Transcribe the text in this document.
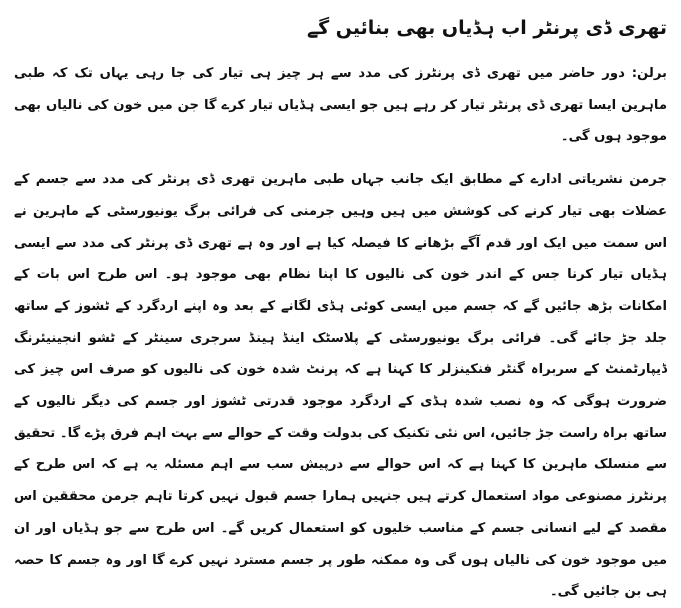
تھری ڈی پرنٹر اب ہڈیاں بھی بنائیں گے

برلن: دور حاضر میں تھری ڈی پرنٹرز کی مدد سے ہر چیز ہی تیار کی جا رہی یہاں تک کہ طبی ماہرین ایسا تھری ڈی پرنٹر تیار کر رہے ہیں جو ایسی ہڈیاں تیار کرے گا جن میں خون کی نالیاں بھی موجود ہوں گی۔

جرمن نشریاتی ادارے کے مطابق ایک جانب جہاں طبی ماہرین تھری ڈی پرنٹر کی مدد سے جسم کے عضلات بھی تیار کرنے کی کوشش میں ہیں وہیں جرمنی کی فرائی برگ یونیورسٹی کے ماہرین نے اس سمت میں ایک اور قدم آگے بڑھانے کا فیصلہ کیا ہے اور وہ ہے تھری ڈی پرنٹر کی مدد سے ایسی ہڈیاں تیار کرنا جس کے اندر خون کی نالیوں کا اپنا نظام بھی موجود ہو۔ اس طرح اس بات کے امکانات بڑھ جائیں گے کہ جسم میں ایسی کوئی ہڈی لگانے کے بعد وہ اپنے اردگرد کے ٹشوز کے ساتھ جلد جڑ جائے گی۔ فرائی برگ یونیورسٹی کے پلاسٹک اینڈ ہینڈ سرجری سینٹر کے ٹشو انجینیئرنگ ڈیپارٹمنٹ کے سربراہ گنٹر فنکینزلر کا کہنا ہے کہ پرنٹ شدہ خون کی نالیوں کو صرف اس چیز کی ضرورت ہوگی کہ وہ نصب شدہ ہڈی کے اردگرد موجود قدرتی ٹشوز اور جسم کی دیگر نالیوں کے ساتھ براہ راست جڑ جائیں، اس نئی تکنیک کی بدولت وقت کے حوالے سے بہت اہم فرق پڑے گا۔ تحقیق سے منسلک ماہرین کا کہنا ہے کہ اس حوالے سے درپیش سب سے اہم مسئلہ یہ ہے کہ اس طرح کے پرنٹرز مصنوعی مواد استعمال کرتے ہیں جنہیں ہمارا جسم قبول نہیں کرتا تاہم جرمن محققین اس مقصد کے لیے انسانی جسم کے مناسب خلیوں کو استعمال کریں گے۔ اس طرح سے جو ہڈیاں اور ان میں موجود خون کی نالیاں ہوں گی وہ ممکنہ طور پر جسم مسترد نہیں کرے گا اور وہ جسم کا حصہ ہی بن جائیں گی۔
